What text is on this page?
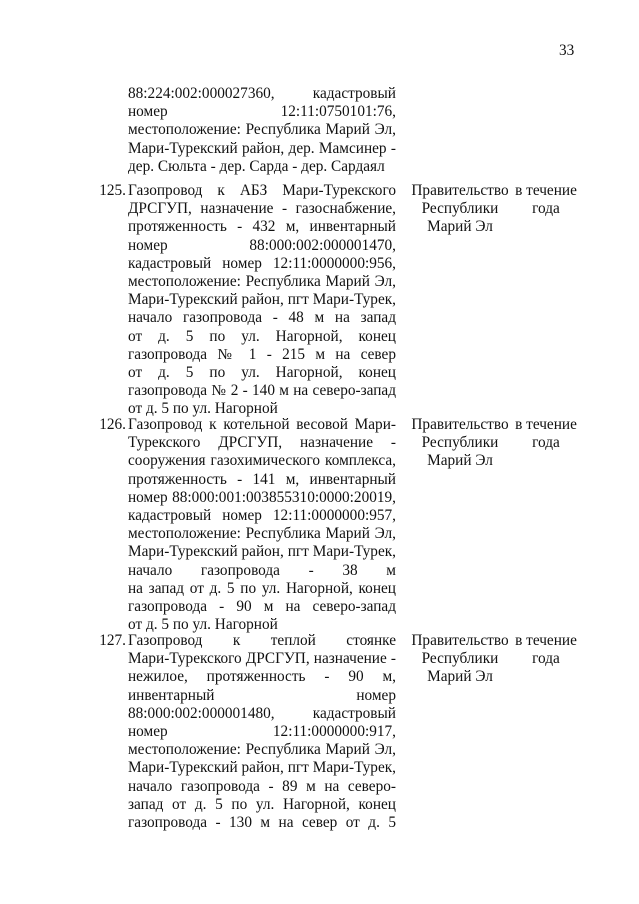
33
88:224:002:000027360, кадастровый
номер 12:11:0750101:76,
местоположение: Республика Марий Эл,
Мари-Турекский район, дер. Мамсинер -
дер. Сюльта - дер. Сарда - дер. Сардаял
125. Газопровод к АБЗ Мари-Турекского
ДРСГУП, назначение - газоснабжение,
протяженность - 432 м, инвентарный
номер 88:000:002:000001470,
кадастровый номер 12:11:0000000:956,
местоположение: Республика Марий Эл,
Мари-Турекский район, пгт Мари-Турек,
начало газопровода - 48 м на запад
от д. 5 по ул. Нагорной, конец
газопровода № 1 - 215 м на север
от д. 5 по ул. Нагорной, конец
газопровода № 2 - 140 м на северо-запад
от д. 5 по ул. Нагорной
Правительство
Республики
Марий Эл
в течение
года
126. Газопровод к котельной весовой Мари-
Турекского ДРСГУП, назначение -
сооружения газохимического комплекса,
протяженность - 141 м, инвентарный
номер 88:000:001:003855310:0000:20019,
кадастровый номер 12:11:0000000:957,
местоположение: Республика Марий Эл,
Мари-Турекский район, пгт Мари-Турек,
начало газопровода - 38 м
на запад от д. 5 по ул. Нагорной, конец
газопровода - 90 м на северо-запад
от д. 5 по ул. Нагорной
Правительство
Республики
Марий Эл
в течение
года
127. Газопровод к теплой стоянке
Мари-Турекского ДРСГУП, назначение -
нежилое, протяженность - 90 м,
инвентарный номер
88:000:002:000001480, кадастровый
номер 12:11:0000000:917,
местоположение: Республика Марий Эл,
Мари-Турекский район, пгт Мари-Турек,
начало газопровода - 89 м на северо-
запад от д. 5 по ул. Нагорной, конец
газопровода - 130 м на север от д. 5
Правительство
Республики
Марий Эл
в течение
года
